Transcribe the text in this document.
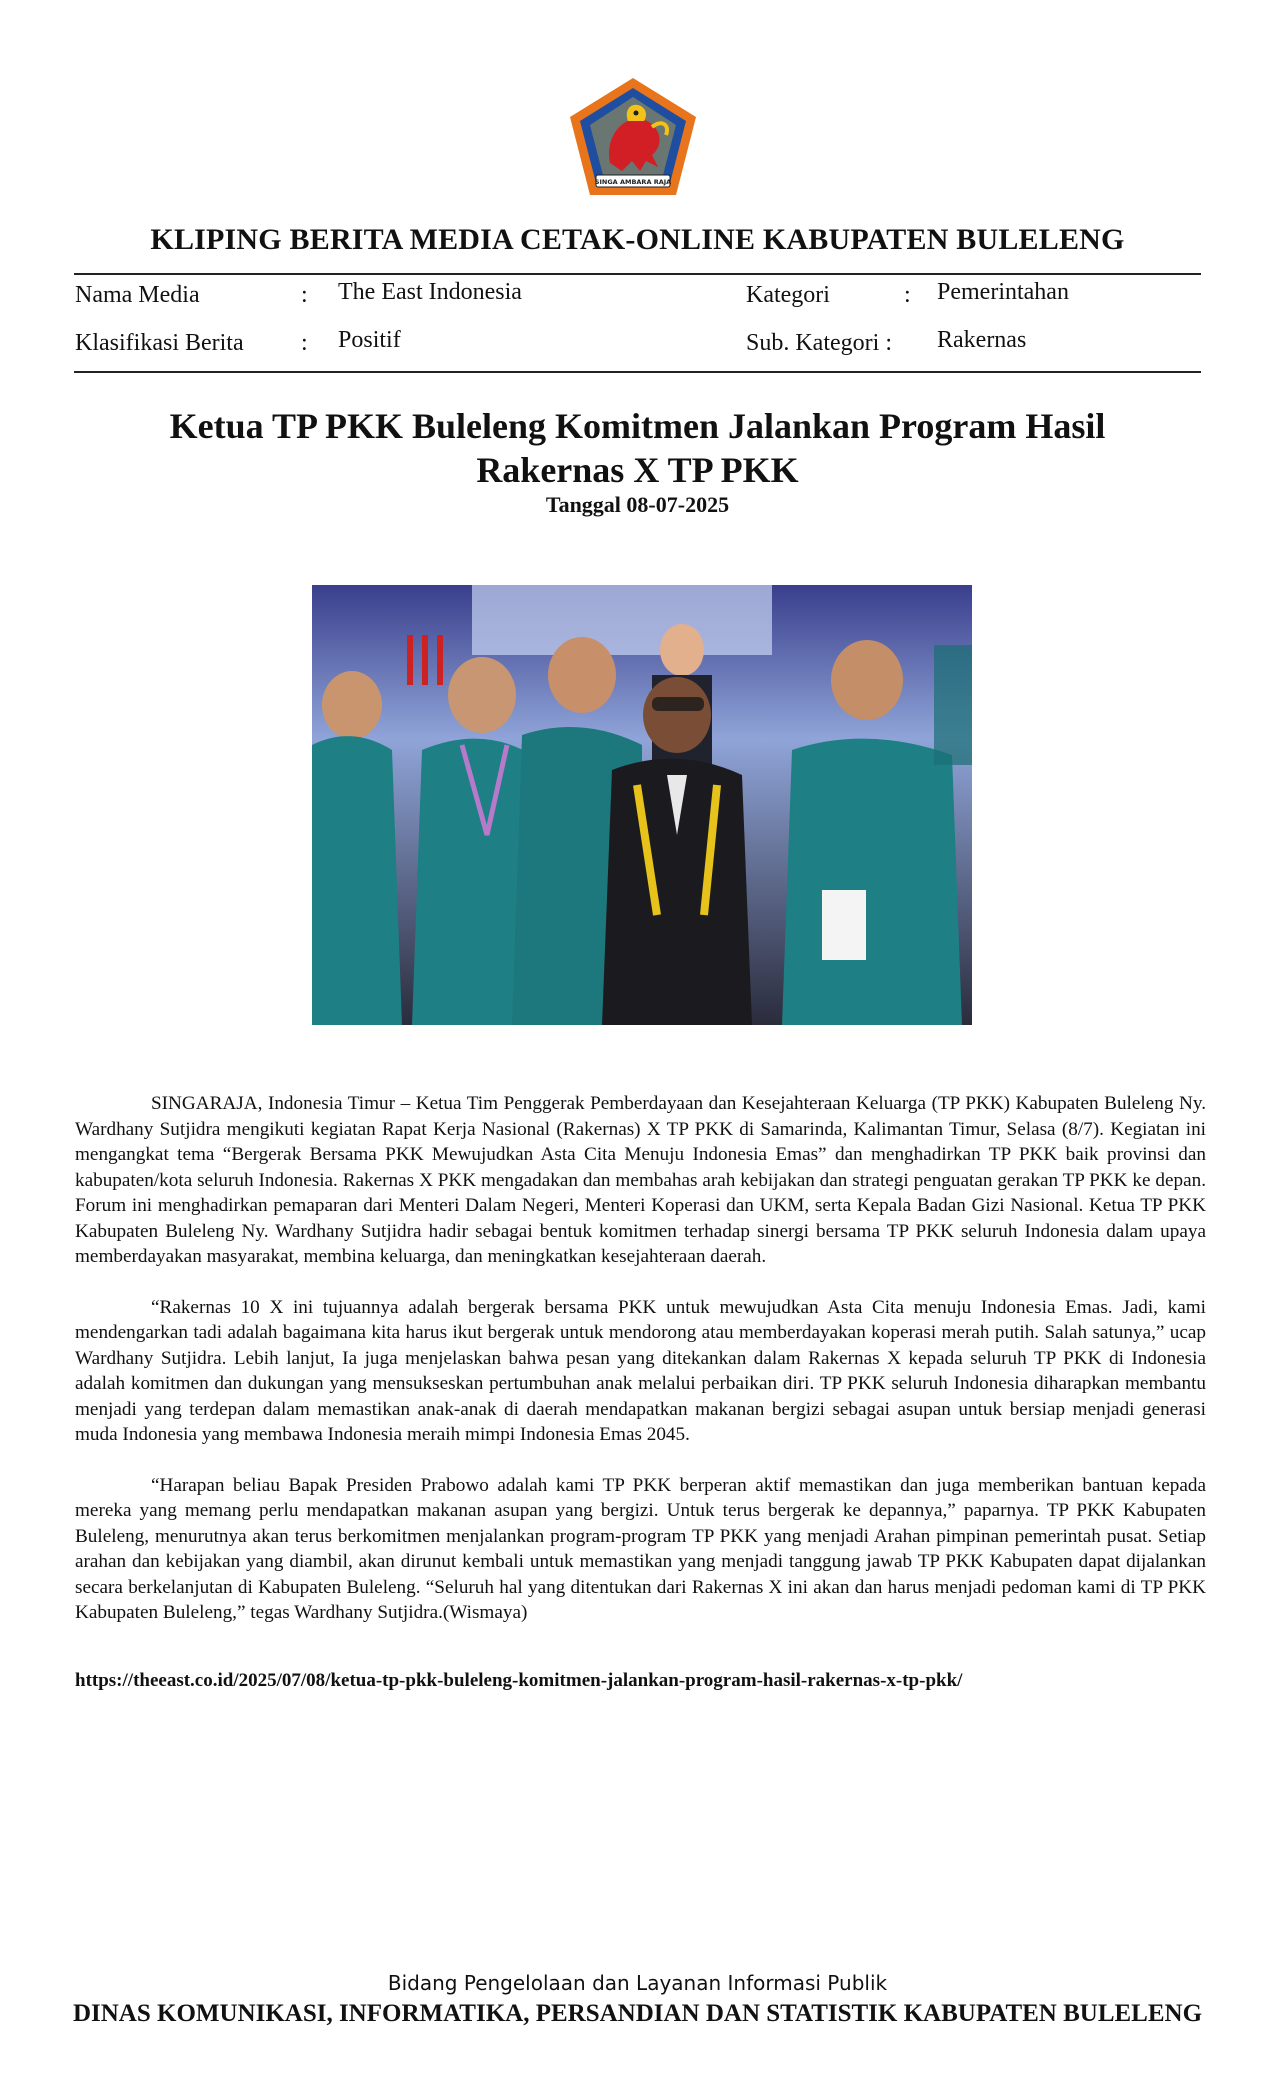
SINGA AMBARA RAJA
KLIPING BERITA MEDIA CETAK-ONLINE KABUPATEN BULELENG
Nama Media	: The East Indonesia	Kategori	: Pemerintahan
Klasifikasi Berita : Positif	Sub. Kategori : Rakernas
Ketua TP PKK Buleleng Komitmen Jalankan Program Hasil
Rakernas X TP PKK
Tanggal 08-07-2025

SINGARAJA, Indonesia Timur – Ketua Tim Penggerak Pemberdayaan dan Kesejahteraan Keluarga (TP PKK) Kabupaten Buleleng Ny. Wardhany Sutjidra mengikuti kegiatan Rapat Kerja Nasional (Rakernas) X TP PKK di Samarinda, Kalimantan Timur, Selasa (8/7). Kegiatan ini mengangkat tema “Bergerak Bersama PKK Mewujudkan Asta Cita Menuju Indonesia Emas” dan menghadirkan TP PKK baik provinsi dan kabupaten/kota seluruh Indonesia. Rakernas X PKK mengadakan dan membahas arah kebijakan dan strategi penguatan gerakan TP PKK ke depan. Forum ini menghadirkan pemaparan dari Menteri Dalam Negeri, Menteri Koperasi dan UKM, serta Kepala Badan Gizi Nasional. Ketua TP PKK Kabupaten Buleleng Ny. Wardhany Sutjidra hadir sebagai bentuk komitmen terhadap sinergi bersama TP PKK seluruh Indonesia dalam upaya memberdayakan masyarakat, membina keluarga, dan meningkatkan kesejahteraan daerah.

“Rakernas 10 X ini tujuannya adalah bergerak bersama PKK untuk mewujudkan Asta Cita menuju Indonesia Emas. Jadi, kami mendengarkan tadi adalah bagaimana kita harus ikut bergerak untuk mendorong atau memberdayakan koperasi merah putih. Salah satunya,” ucap Wardhany Sutjidra. Lebih lanjut, Ia juga menjelaskan bahwa pesan yang ditekankan dalam Rakernas X kepada seluruh TP PKK di Indonesia adalah komitmen dan dukungan yang mensukseskan pertumbuhan anak melalui perbaikan diri. TP PKK seluruh Indonesia diharapkan membantu menjadi yang terdepan dalam memastikan anak-anak di daerah mendapatkan makanan bergizi sebagai asupan untuk bersiap menjadi generasi muda Indonesia yang membawa Indonesia meraih mimpi Indonesia Emas 2045.

“Harapan beliau Bapak Presiden Prabowo adalah kami TP PKK berperan aktif memastikan dan juga memberikan bantuan kepada mereka yang memang perlu mendapatkan makanan asupan yang bergizi. Untuk terus bergerak ke depannya,” paparnya. TP PKK Kabupaten Buleleng, menurutnya akan terus berkomitmen menjalankan program-program TP PKK yang menjadi Arahan pimpinan pemerintah pusat. Setiap arahan dan kebijakan yang diambil, akan dirunut kembali untuk memastikan yang menjadi tanggung jawab TP PKK Kabupaten dapat dijalankan secara berkelanjutan di Kabupaten Buleleng. “Seluruh hal yang ditentukan dari Rakernas X ini akan dan harus menjadi pedoman kami di TP PKK Kabupaten Buleleng,” tegas Wardhany Sutjidra.(Wismaya)

https://theeast.co.id/2025/07/08/ketua-tp-pkk-buleleng-komitmen-jalankan-program-hasil-rakernas-x-tp-pkk/
Bidang Pengelolaan dan Layanan Informasi Publik
DINAS KOMUNIKASI, INFORMATIKA, PERSANDIAN DAN STATISTIK KABUPATEN BULELENG
